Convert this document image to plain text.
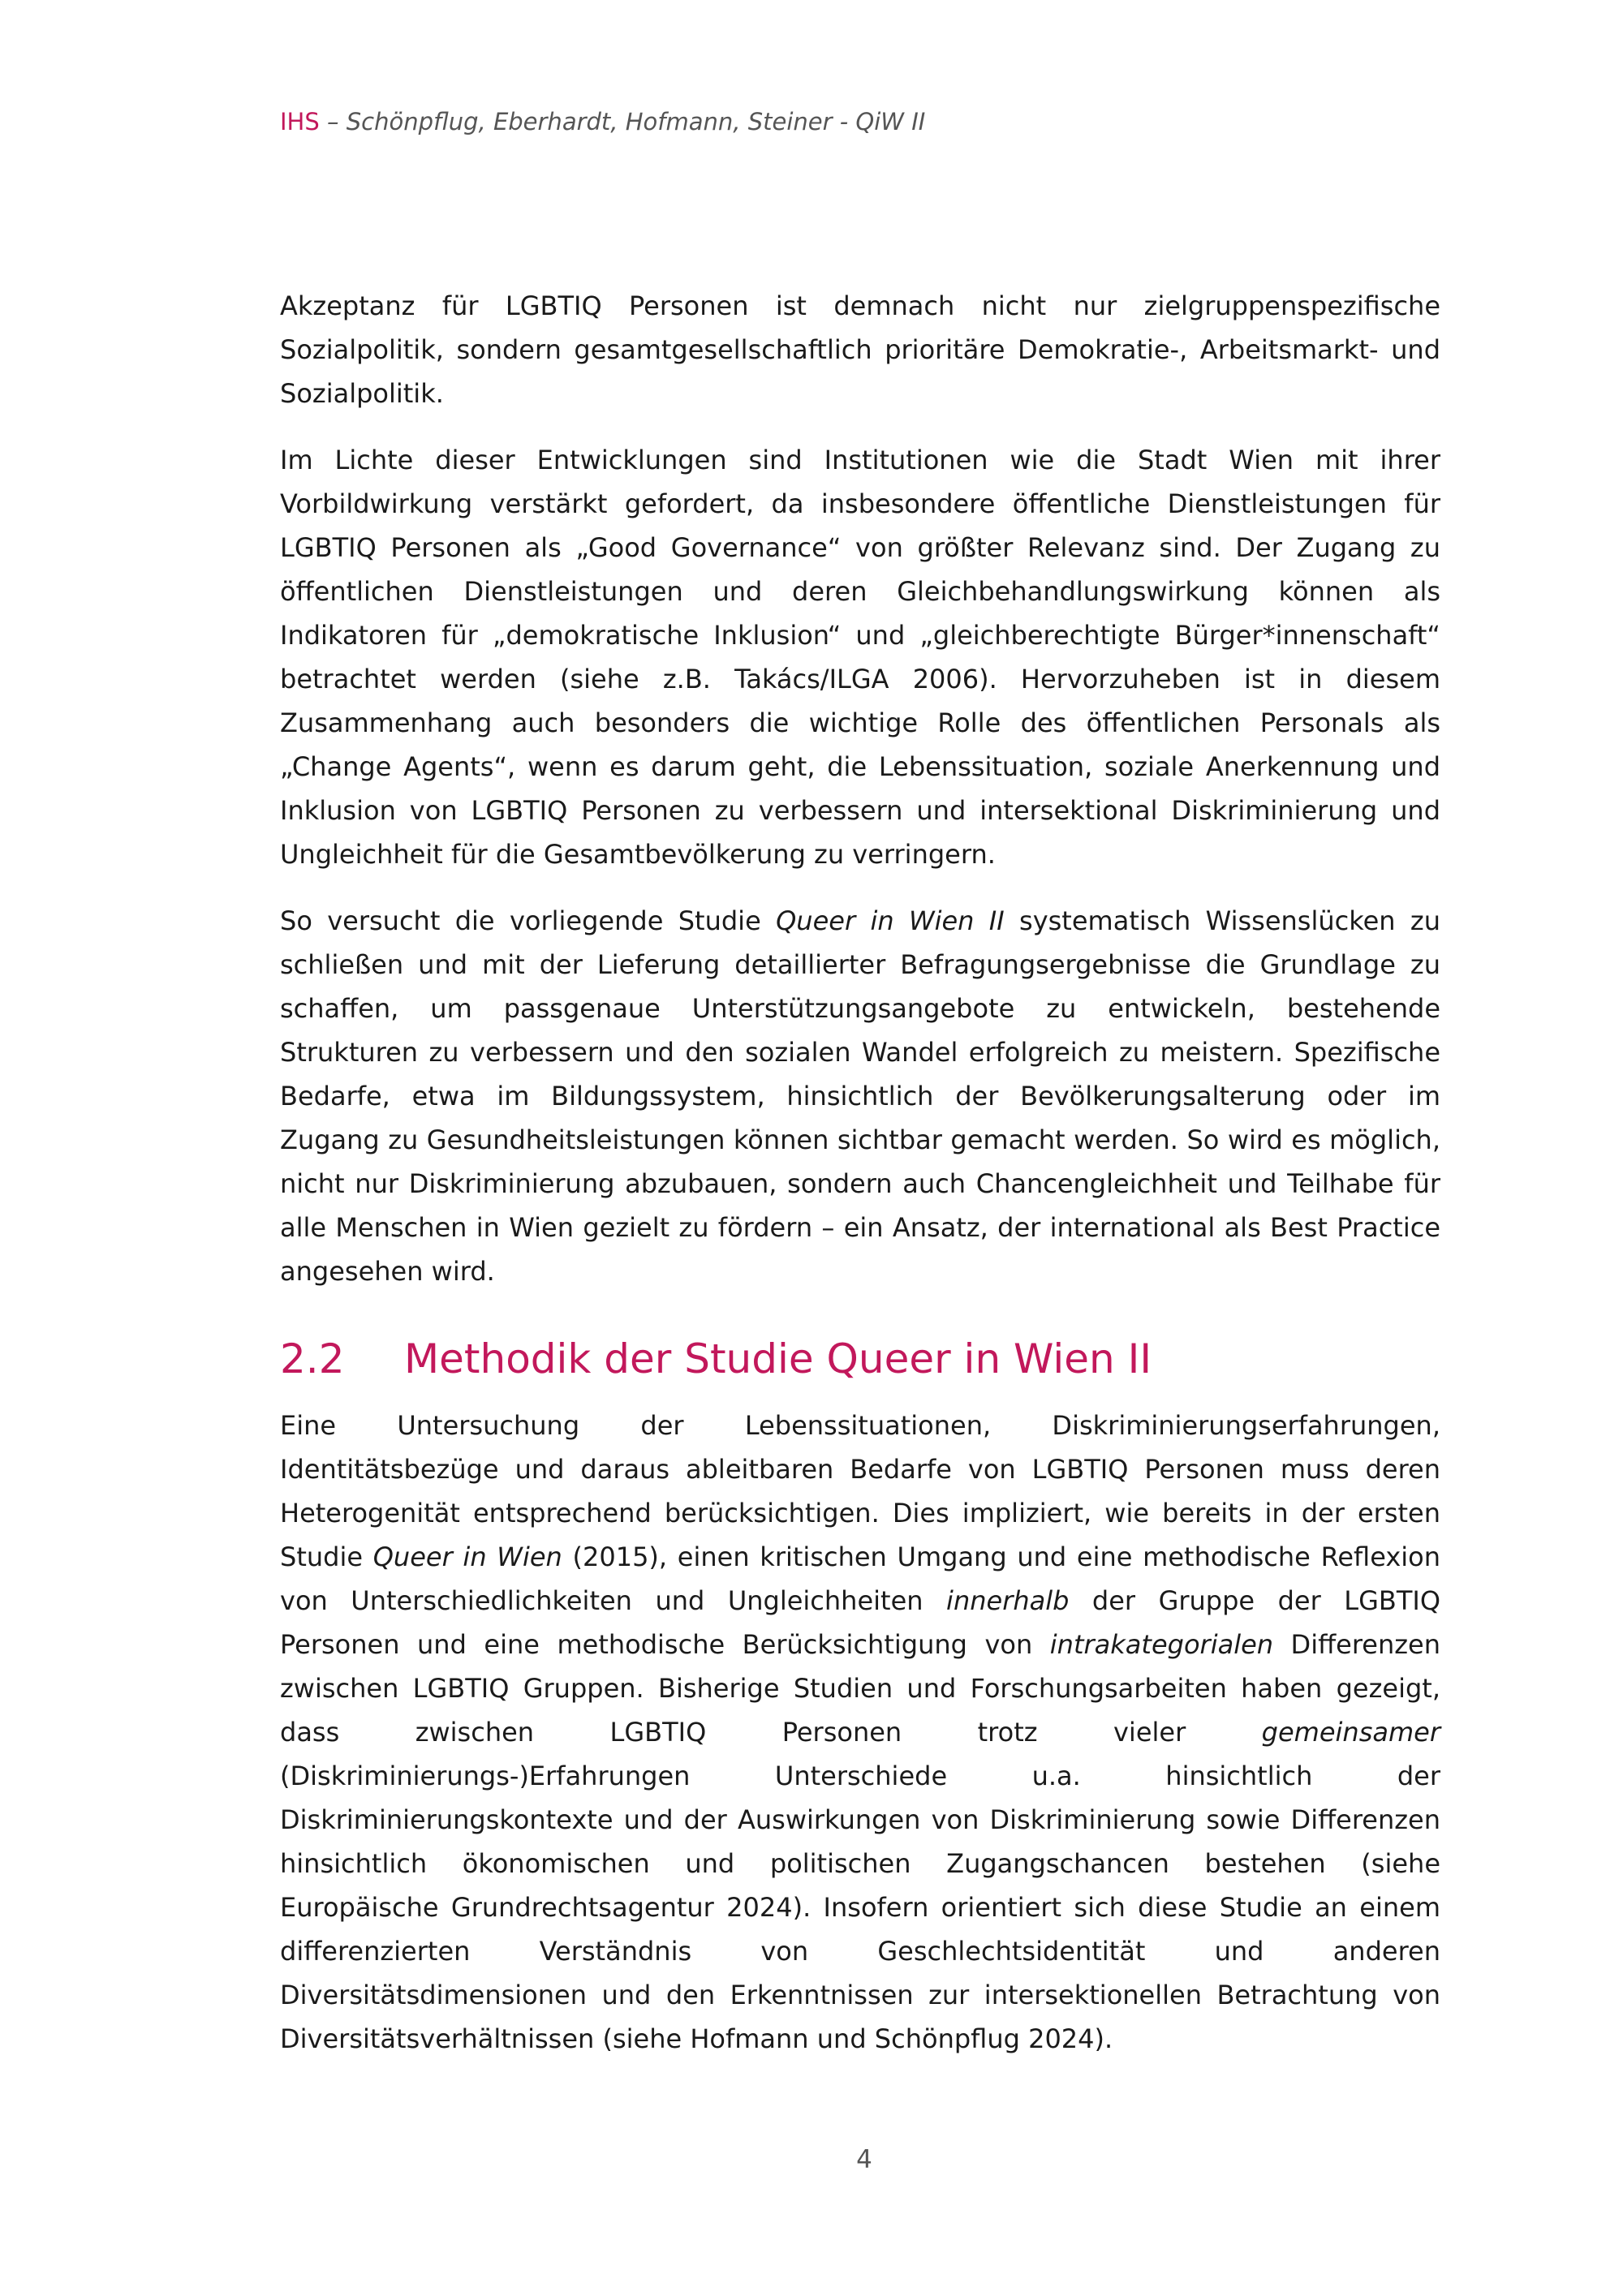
IHS – Schönpflug, Eberhardt, Hofmann, Steiner - QiW II

Akzeptanz für LGBTIQ Personen ist demnach nicht nur zielgruppenspezifische Sozialpolitik, sondern gesamtgesellschaftlich prioritäre Demokratie-, Arbeitsmarkt- und Sozialpolitik.

Im Lichte dieser Entwicklungen sind Institutionen wie die Stadt Wien mit ihrer Vorbildwirkung verstärkt gefordert, da insbesondere öffentliche Dienstleistungen für LGBTIQ Personen als „Good Governance“ von größter Relevanz sind. Der Zugang zu öffentlichen Dienstleistungen und deren Gleichbehandlungswirkung können als Indikatoren für „demokratische Inklusion“ und „gleichberechtigte Bürger*innenschaft“ betrachtet werden (siehe z.B. Takács/ILGA 2006). Hervorzuheben ist in diesem Zusammenhang auch besonders die wichtige Rolle des öffentlichen Personals als „Change Agents“, wenn es darum geht, die Lebenssituation, soziale Anerkennung und Inklusion von LGBTIQ Personen zu verbessern und intersektional Diskriminierung und Ungleichheit für die Gesamtbevölkerung zu verringern.

So versucht die vorliegende Studie Queer in Wien II systematisch Wissenslücken zu schließen und mit der Lieferung detaillierter Befragungsergebnisse die Grundlage zu schaffen, um passgenaue Unterstützungsangebote zu entwickeln, bestehende Strukturen zu verbessern und den sozialen Wandel erfolgreich zu meistern. Spezifische Bedarfe, etwa im Bildungssystem, hinsichtlich der Bevölkerungsalterung oder im Zugang zu Gesundheitsleistungen können sichtbar gemacht werden. So wird es möglich, nicht nur Diskriminierung abzubauen, sondern auch Chancengleichheit und Teilhabe für alle Menschen in Wien gezielt zu fördern – ein Ansatz, der international als Best Practice angesehen wird.

2.2	Methodik der Studie Queer in Wien II

Eine Untersuchung der Lebenssituationen, Diskriminierungserfahrungen, Identitätsbezüge und daraus ableitbaren Bedarfe von LGBTIQ Personen muss deren Heterogenität entsprechend berücksichtigen. Dies impliziert, wie bereits in der ersten Studie Queer in Wien (2015), einen kritischen Umgang und eine methodische Reflexion von Unterschiedlichkeiten und Ungleichheiten innerhalb der Gruppe der LGBTIQ Personen und eine methodische Berücksichtigung von intrakategorialen Differenzen zwischen LGBTIQ Gruppen. Bisherige Studien und Forschungsarbeiten haben gezeigt, dass zwischen LGBTIQ Personen trotz vieler gemeinsamer (Diskriminierungs-)Erfahrungen Unterschiede u.a. hinsichtlich der Diskriminierungskontexte und der Auswirkungen von Diskriminierung sowie Differenzen hinsichtlich ökonomischen und politischen Zugangschancen bestehen (siehe Europäische Grundrechtsagentur 2024). Insofern orientiert sich diese Studie an einem differenzierten Verständnis von Geschlechtsidentität und anderen Diversitätsdimensionen und den Erkenntnissen zur intersektionellen Betrachtung von Diversitätsverhältnissen (siehe Hofmann und Schönpflug 2024).

4
